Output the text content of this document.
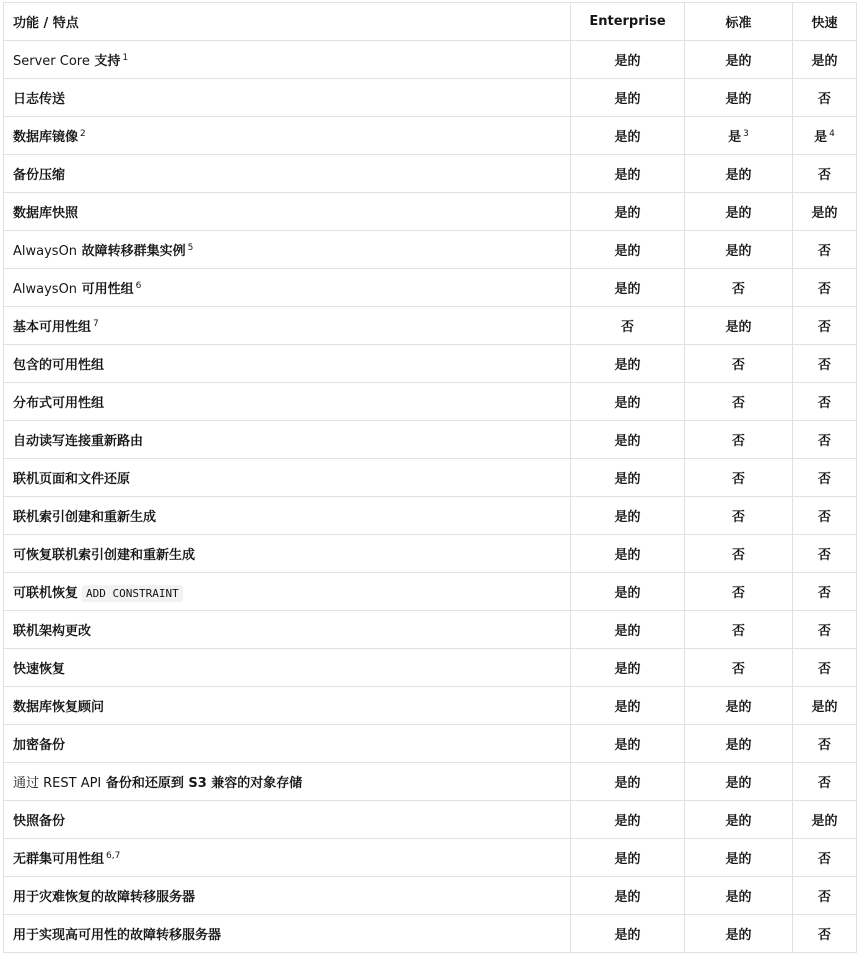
功能 / 特点	Enterprise	标准	快速
Server Core 支持 $^1$	是的	是的	是的
日志传送	是的	是的	否
数据库镜像 $^2$	是的	是 $^3$	是 $^4$
备份压缩	是的	是的	否
数据库快照	是的	是的	是的
AlwaysOn 故障转移群集实例 $^5$	是的	是的	否
AlwaysOn 可用性组 $^6$	是的	否	否
基本可用性组 $^7$	否	是的	否
包含的可用性组	是的	否	否
分布式可用性组	是的	否	否
自动读写连接重新路由	是的	否	否
联机页面和文件还原	是的	否	否
联机索引创建和重新生成	是的	否	否
可恢复联机索引创建和重新生成	是的	否	否
可联机恢复 ADD CONSTRAINT	是的	否	否
联机架构更改	是的	否	否
快速恢复	是的	否	否
数据库恢复顾问	是的	是的	是的
加密备份	是的	是的	否
通过 REST API 备份和还原到 S3 兼容的对象存储	是的	是的	否
快照备份	是的	是的	是的
无群集可用性组 $^{6,7}$	是的	是的	否
用于灾难恢复的故障转移服务器	是的	是的	否
用于实现高可用性的故障转移服务器	是的	是的	否
